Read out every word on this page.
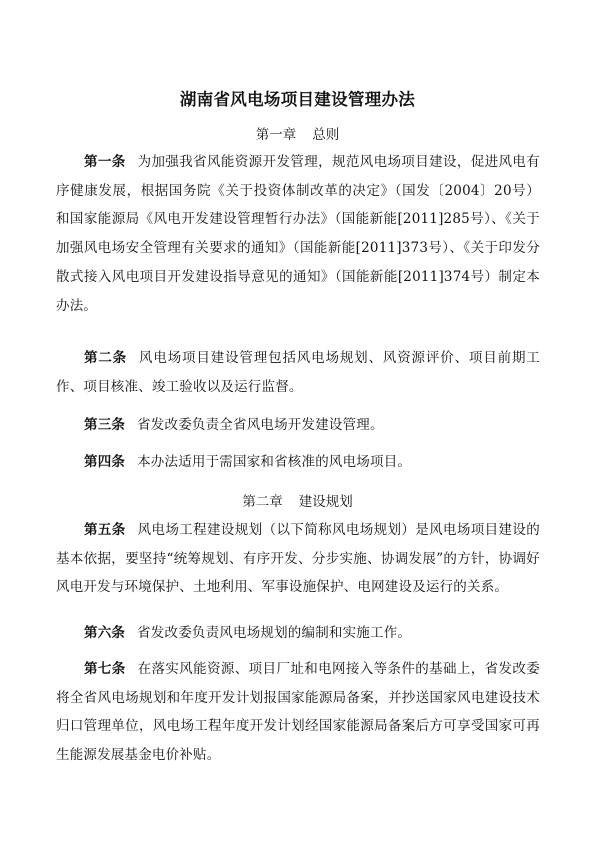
湖南省风电场项目建设管理办法
第一章 总则
第一条 为加强我省风能资源开发管理，规范风电场项目建设，促进风电有序健康发展，根据国务院《关于投资体制改革的决定》（国发〔2004〕20号）和国家能源局《风电开发建设管理暂行办法》（国能新能[2011]285号）、《关于加强风电场安全管理有关要求的通知》（国能新能[2011]373号）、《关于印发分散式接入风电项目开发建设指导意见的通知》（国能新能[2011]374号）制定本办法。
第二条 风电场项目建设管理包括风电场规划、风资源评价、项目前期工作、项目核准、竣工验收以及运行监督。
第三条 省发改委负责全省风电场开发建设管理。
第四条 本办法适用于需国家和省核准的风电场项目。
第二章 建设规划
第五条 风电场工程建设规划（以下简称风电场规划）是风电场项目建设的基本依据，要坚持“统筹规划、有序开发、分步实施、协调发展”的方针，协调好风电开发与环境保护、土地利用、军事设施保护、电网建设及运行的关系。
第六条 省发改委负责风电场规划的编制和实施工作。
第七条 在落实风能资源、项目厂址和电网接入等条件的基础上，省发改委将全省风电场规划和年度开发计划报国家能源局备案，并抄送国家风电建设技术归口管理单位，风电场工程年度开发计划经国家能源局备案后方可享受国家可再生能源发展基金电价补贴。
